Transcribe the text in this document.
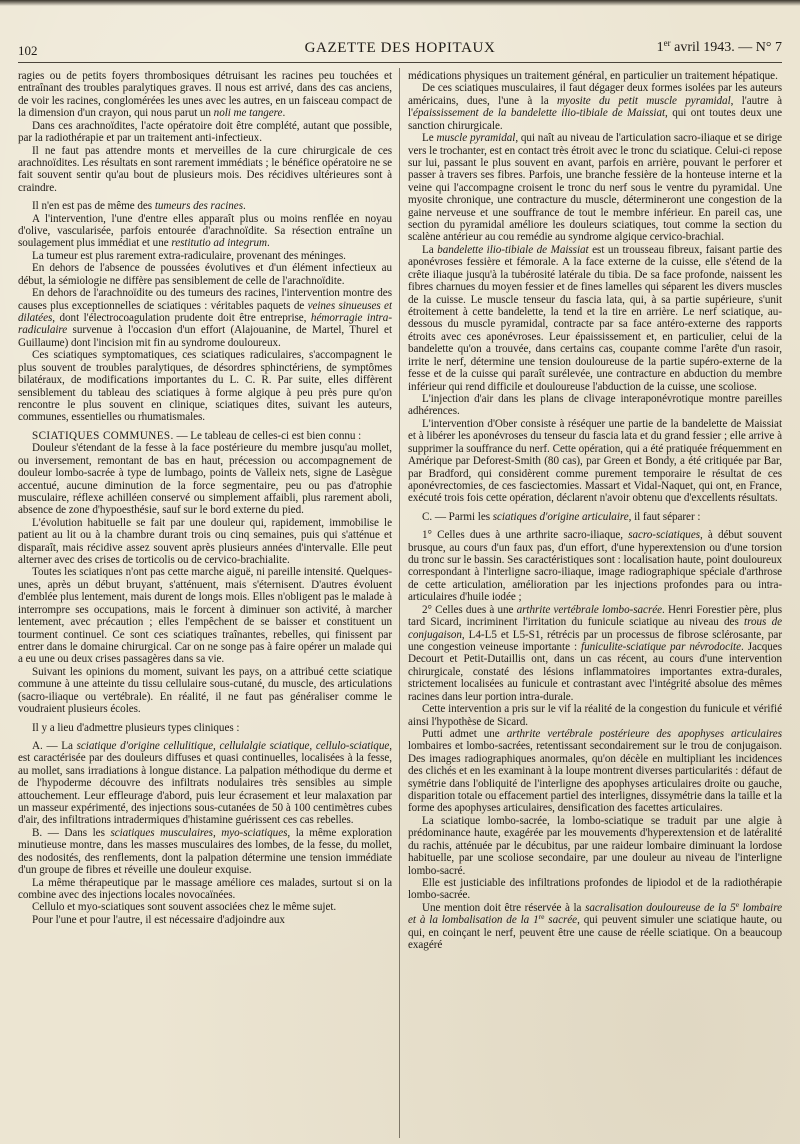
102	GAZETTE DES HOPITAUX	1er avril 1943. — N° 7

ragies ou de petits foyers thrombosiques détruisant les racines peu touchées et entraînant des troubles paralytiques graves. Il nous est arrivé, dans des cas anciens, de voir les racines, conglomérées les unes avec les autres, en un faisceau compact de la dimension d'un crayon, qui nous parut un noli me tangere.

Dans ces arachnoïdites, l'acte opératoire doit être complété, autant que possible, par la radiothérapie et par un traitement anti-infectieux.

Il ne faut pas attendre monts et merveilles de la cure chirurgicale de ces arachnoïdites. Les résultats en sont rarement immédiats ; le bénéfice opératoire ne se fait souvent sentir qu'au bout de plusieurs mois. Des récidives ultérieures sont à craindre.

Il n'en est pas de même des tumeurs des racines.

A l'intervention, l'une d'entre elles apparaît plus ou moins renflée en noyau d'olive, vascularisée, parfois entourée d'arachnoïdite. Sa résection entraîne un soulagement plus immédiat et une restitutio ad integrum.

La tumeur est plus rarement extra-radiculaire, provenant des méninges.

En dehors de l'absence de poussées évolutives et d'un élément infectieux au début, la sémiologie ne diffère pas sensiblement de celle de l'arachnoïdite.

En dehors de l'arachnoïdite ou des tumeurs des racines, l'intervention montre des causes plus exceptionnelles de sciatiques : véritables paquets de veines sinueuses et dilatées, dont l'électrocoagulation prudente doit être entreprise, hémorragie intra-radiculaire survenue à l'occasion d'un effort (Alajouanine, de Martel, Thurel et Guillaume) dont l'incision mit fin au syndrome douloureux.

Ces sciatiques symptomatiques, ces sciatiques radiculaires, s'accompagnent le plus souvent de troubles paralytiques, de désordres sphinctériens, de symptômes bilatéraux, de modifications importantes du L. C. R. Par suite, elles diffèrent sensiblement du tableau des sciatiques à forme algique à peu près pure qu'on rencontre le plus souvent en clinique, sciatiques dites, suivant les auteurs, communes, essentielles ou rhumatismales.

SCIATIQUES COMMUNES. — Le tableau de celles-ci est bien connu :

Douleur s'étendant de la fesse à la face postérieure du membre jusqu'au mollet, ou inversement, remontant de bas en haut, précession ou accompagnement de douleur lombo-sacrée à type de lumbago, points de Valleix nets, signe de Lasègue accentué, aucune diminution de la force segmentaire, peu ou pas d'atrophie musculaire, réflexe achilléen conservé ou simplement affaibli, plus rarement aboli, absence de zone d'hypoesthésie, sauf sur le bord externe du pied.

L'évolution habituelle se fait par une douleur qui, rapidement, immobilise le patient au lit ou à la chambre durant trois ou cinq semaines, puis qui s'atténue et disparaît, mais récidive assez souvent après plusieurs années d'intervalle. Elle peut alterner avec des crises de torticolis ou de cervico-brachialite.

Toutes les sciatiques n'ont pas cette marche aiguë, ni pareille intensité. Quelques-unes, après un début bruyant, s'atténuent, mais s'éternisent. D'autres évoluent d'emblée plus lentement, mais durent de longs mois. Elles n'obligent pas le malade à interrompre ses occupations, mais le forcent à diminuer son activité, à marcher lentement, avec précaution ; elles l'empêchent de se baisser et constituent un tourment continuel. Ce sont ces sciatiques traînantes, rebelles, qui finissent par entrer dans le domaine chirurgical. Car on ne songe pas à faire opérer un malade qui a eu une ou deux crises passagères dans sa vie.

Suivant les opinions du moment, suivant les pays, on a attribué cette sciatique commune à une atteinte du tissu cellulaire sous-cutané, du muscle, des articulations (sacro-iliaque ou vertébrale). En réalité, il ne faut pas généraliser comme le voudraient plusieurs écoles.

Il y a lieu d'admettre plusieurs types cliniques :

A. — La sciatique d'origine cellulitique, cellulalgie sciatique, cellulo-sciatique, est caractérisée par des douleurs diffuses et quasi continuelles, localisées à la fesse, au mollet, sans irradiations à longue distance. La palpation méthodique du derme et de l'hypoderme découvre des infiltrats nodulaires très sensibles au simple attouchement. Leur effleurage d'abord, puis leur écrasement et leur malaxation par un masseur expérimenté, des injections sous-cutanées de 50 à 100 centimètres cubes d'air, des infiltrations intradermiques d'histamine guérissent ces cas rebelles.

B. — Dans les sciatiques musculaires, myo-sciatiques, la même exploration minutieuse montre, dans les masses musculaires des lombes, de la fesse, du mollet, des nodosités, des renflements, dont la palpation détermine une tension immédiate d'un groupe de fibres et réveille une douleur exquise.

La même thérapeutique par le massage améliore ces malades, surtout si on la combine avec des injections locales novocaïnées.

Cellulo et myo-sciatiques sont souvent associées chez le même sujet.

Pour l'une et pour l'autre, il est nécessaire d'adjoindre aux

médications physiques un traitement général, en particulier un traitement hépatique.

De ces sciatiques musculaires, il faut dégager deux formes isolées par les auteurs américains, dues, l'une à la myosite du petit muscle pyramidal, l'autre à l'épaississement de la bandelette ilio-tibiale de Maissiat, qui ont toutes deux une sanction chirurgicale.

Le muscle pyramidal, qui naît au niveau de l'articulation sacro-iliaque et se dirige vers le trochanter, est en contact très étroit avec le tronc du sciatique. Celui-ci repose sur lui, passant le plus souvent en avant, parfois en arrière, pouvant le perforer et passer à travers ses fibres. Parfois, une branche fessière de la honteuse interne et la veine qui l'accompagne croisent le tronc du nerf sous le ventre du pyramidal. Une myosite chronique, une contracture du muscle, détermineront une congestion de la gaine nerveuse et une souffrance de tout le membre inférieur. En pareil cas, une section du pyramidal améliore les douleurs sciatiques, tout comme la section du scalène antérieur au cou remédie au syndrome algique cervico-brachial.

La bandelette ilio-tibiale de Maissiat est un trousseau fibreux, faisant partie des aponévroses fessière et fémorale. A la face externe de la cuisse, elle s'étend de la crête iliaque jusqu'à la tubérosité latérale du tibia. De sa face profonde, naissent les fibres charnues du moyen fessier et de fines lamelles qui séparent les divers muscles de la cuisse. Le muscle tenseur du fascia lata, qui, à sa partie supérieure, s'unit étroitement à cette bandelette, la tend et la tire en arrière. Le nerf sciatique, au-dessous du muscle pyramidal, contracte par sa face antéro-externe des rapports étroits avec ces aponévroses. Leur épaississement et, en particulier, celui de la bandelette qu'on a trouvée, dans certains cas, coupante comme l'arête d'un rasoir, irrite le nerf, détermine une tension douloureuse de la partie supéro-externe de la fesse et de la cuisse qui paraît surélevée, une contracture en abduction du membre inférieur qui rend difficile et douloureuse l'abduction de la cuisse, une scoliose.

L'injection d'air dans les plans de clivage interaponévrotique montre pareilles adhérences.

L'intervention d'Ober consiste à réséquer une partie de la bandelette de Maissiat et à libérer les aponévroses du tenseur du fascia lata et du grand fessier ; elle arrive à supprimer la souffrance du nerf. Cette opération, qui a été pratiquée fréquemment en Amérique par Deforest-Smith (80 cas), par Green et Bondy, a été critiquée par Bar, par Bradford, qui considèrent comme purement temporaire le résultat de ces aponévrectomies, de ces fasciectomies. Massart et Vidal-Naquet, qui ont, en France, exécuté trois fois cette opération, déclarent n'avoir obtenu que d'excellents résultats.

C. — Parmi les sciatiques d'origine articulaire, il faut séparer :

1° Celles dues à une arthrite sacro-iliaque, sacro-sciatiques, à début souvent brusque, au cours d'un faux pas, d'un effort, d'une hyperextension ou d'une torsion du tronc sur le bassin. Ses caractéristiques sont : localisation haute, point douloureux correspondant à l'interligne sacro-iliaque, image radiographique spéciale d'arthrose de cette articulation, amélioration par les injections profondes para ou intra-articulaires d'huile iodée ;

2° Celles dues à une arthrite vertébrale lombo-sacrée. Henri Forestier père, plus tard Sicard, incriminent l'irritation du funicule sciatique au niveau des trous de conjugaison, L4-L5 et L5-S1, rétrécis par un processus de fibrose sclérosante, par une congestion veineuse importante : funiculite-sciatique par névrodocite. Jacques Decourt et Petit-Dutaillis ont, dans un cas récent, au cours d'une intervention chirurgicale, constaté des lésions inflammatoires importantes extra-durales, strictement localisées au funicule et contrastant avec l'intégrité absolue des mêmes racines dans leur portion intra-durale.

Cette intervention a pris sur le vif la réalité de la congestion du funicule et vérifié ainsi l'hypothèse de Sicard.

Putti admet une arthrite vertébrale postérieure des apophyses articulaires lombaires et lombo-sacrées, retentissant secondairement sur le trou de conjugaison. Des images radiographiques anormales, qu'on décèle en multipliant les incidences des clichés et en les examinant à la loupe montrent diverses particularités : défaut de symétrie dans l'obliquité de l'interligne des apophyses articulaires droite ou gauche, disparition totale ou effacement partiel des interlignes, dissymétrie dans la taille et la forme des apophyses articulaires, densification des facettes articulaires.

La sciatique lombo-sacrée, la lombo-sciatique se traduit par une algie à prédominance haute, exagérée par les mouvements d'hyperextension et de latéralité du rachis, atténuée par le décubitus, par une raideur lombaire diminuant la lordose habituelle, par une scoliose secondaire, par une douleur au niveau de l'interligne lombo-sacré.

Elle est justiciable des infiltrations profondes de lipiodol et de la radiothérapie lombo-sacrée.

Une mention doit être réservée à la sacralisation douloureuse de la 5e lombaire et à la lombalisation de la 1re sacrée, qui peuvent simuler une sciatique haute, ou qui, en coinçant le nerf, peuvent être une cause de réelle sciatique. On a beaucoup exagéré
